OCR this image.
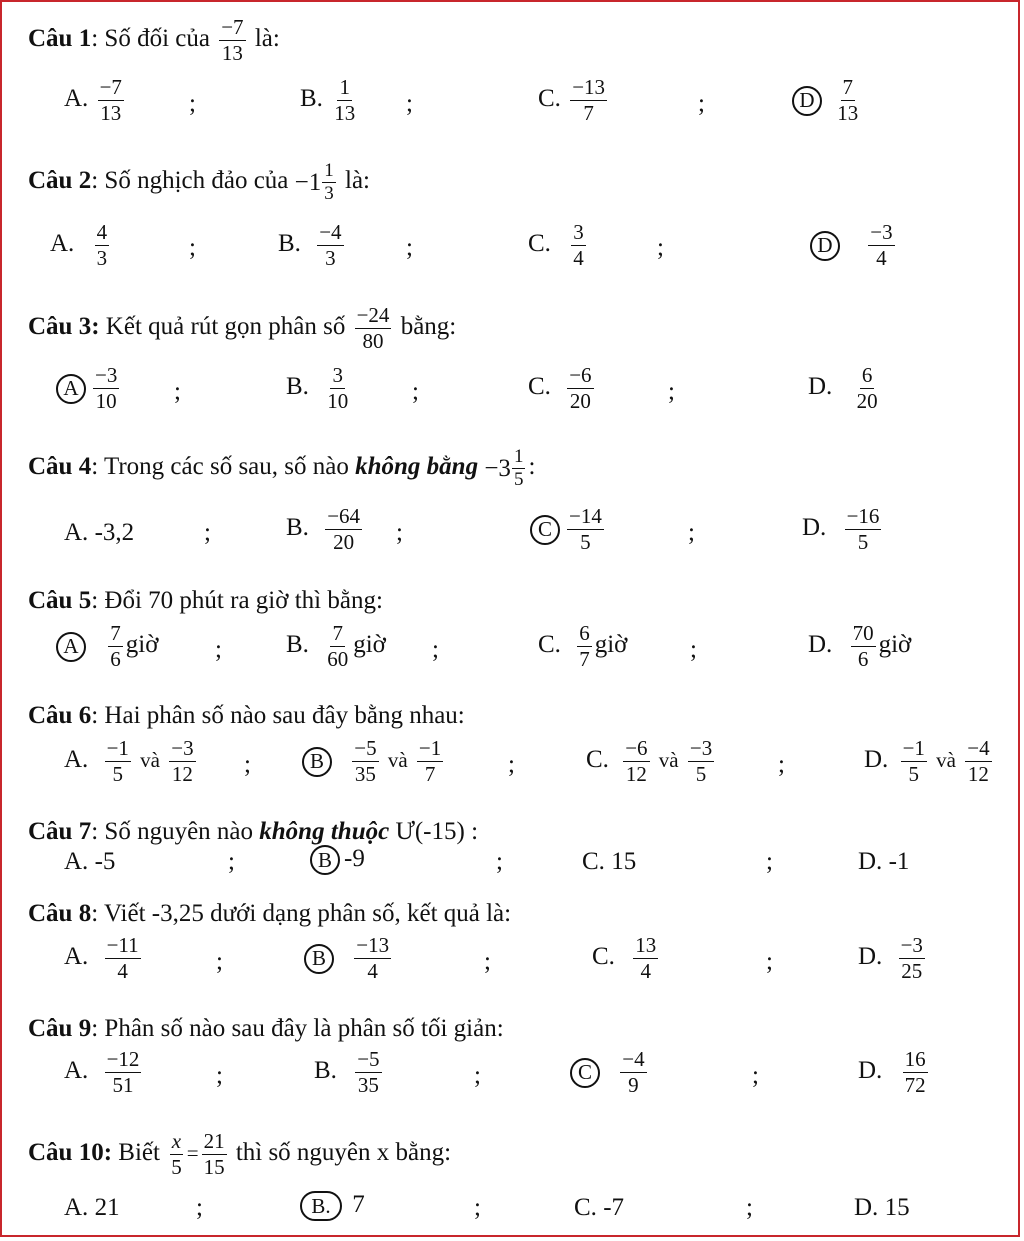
Câu 1: Số đối của $\frac{-7}{13}$ là:
A. $\frac{-7}{13}$	;	B. $\frac{1}{13}$ ;	C. $\frac{-13}{7}$	;	D
$\frac{7}{13}$
Câu 2: Số nghịch đảo của $-1 \frac{1}{3}$ là:
A. $\frac{4}{3}$	;	B. $\frac{-4}{3}$ ;	C. $\frac{3}{4}$	;	D
$\frac{-3}{4}$
Câu 3: Kết quả rút gọn phân số $\frac{-24}{80}$ bằng:
A $\frac{-3}{10}$ ;	B. $\frac{3}{10}$ ;	C. $\frac{-6}{20}$	;	D. $\frac{6}{20}$
Câu 4: Trong các số sau, số nào không bằng $-3 \frac{1}{5}$ :
A. -3,2	;	B. $\frac{-64}{20}$ ;	C $\frac{-14}{5}$	;	D. $\frac{-16}{5}$
Câu 5: Đổi 70 phút ra giờ thì bằng:
A
$\frac{7}{6}$ giờ ;	B. $\frac{7}{60}$ giờ ;	C. $\frac{6}{7}$ giờ	;	D. $\frac{70}{6}$ giờ
Câu 6: Hai phân số nào sau đây bằng nhau:
A. $\frac{-1}{5}$ và $\frac{-3}{12}$ ;	B
$\frac{-5}{35}$ và $\frac{-1}{7}$	;	C. $\frac{-6}{12}$ và $\frac{-3}{5}$	;	D. $\frac{-1}{5}$ và $\frac{-4}{12}$
Câu 7: Số nguyên nào không thuộc Ư(-15) :
A. -5	;	B -9	;	C. 15	;	D. -1
Câu 8: Viết -3,25 dưới dạng phân số, kết quả là:
A. $\frac{-11}{4}$	;	B
$\frac{-13}{4}$	;	C. $\frac{13}{4}$	;	D. $\frac{-3}{25}$
Câu 9: Phân số nào sau đây là phân số tối giản:
A. $\frac{-12}{51}$	;	B. $\frac{-5}{35}$	;	C
$\frac{-4}{9}$	;	D. $\frac{16}{72}$
Câu 10: Biết $\frac{x}{5} = \frac{21}{15}$ thì số nguyên x bằng:
A. 21	;	B. 7	;	C. -7	;	D. 15
